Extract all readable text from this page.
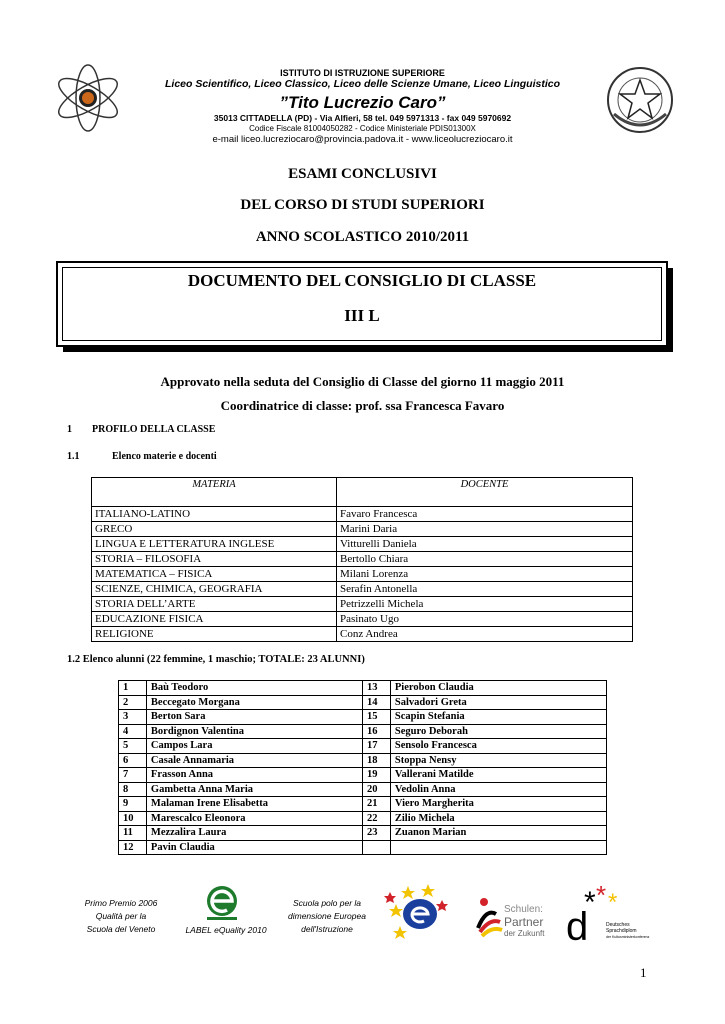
ISTITUTO DI ISTRUZIONE SUPERIORE
Liceo Scientifico, Liceo Classico, Liceo delle Scienze Umane, Liceo Linguistico
”Tito Lucrezio Caro”
35013 CITTADELLA (PD) - Via Alfieri, 58 tel. 049 5971313 - fax 049 5970692
Codice Fiscale 81004050282 - Codice Ministeriale PDIS01300X
e-mail liceo.lucreziocaro@provincia.padova.it - www.liceolucreziocaro.it
ESAMI CONCLUSIVI
DEL CORSO DI STUDI SUPERIORI
ANNO SCOLASTICO 2010/2011
DOCUMENTO DEL CONSIGLIO DI CLASSE
III L
Approvato nella seduta del Consiglio di Classe del giorno 11 maggio 2011
Coordinatrice di classe: prof. ssa Francesca Favaro
1 PROFILO DELLA CLASSE
1.1	Elenco materie e docenti
MATERIA	DOCENTE
ITALIANO-LATINO	Favaro Francesca
GRECO	Marini Daria
LINGUA E LETTERATURA INGLESE	Vitturelli Daniela
STORIA – FILOSOFIA	Bertollo Chiara
MATEMATICA – FISICA	Milani Lorenza
SCIENZE, CHIMICA, GEOGRAFIA	Serafin Antonella
STORIA DELL’ARTE	Petrizzelli Michela
EDUCAZIONE FISICA	Pasinato Ugo
RELIGIONE	Conz Andrea
1.2 Elenco alunni (22 femmine, 1 maschio; TOTALE: 23 ALUNNI)
1	Baù Teodoro	13	Pierobon Claudia
2	Beccegato Morgana	14	Salvadori Greta
3	Berton Sara	15	Scapin Stefania
4	Bordignon Valentina	16	Seguro Deborah
5	Campos Lara	17	Sensolo Francesca
6	Casale Annamaria	18	Stoppa Nensy
7	Frasson Anna	19	Vallerani Matilde
8	Gambetta Anna Maria	20	Vedolin Anna
9	Malaman Irene Elisabetta	21	Viero Margherita
10	Marescalco Eleonora	22	Zilio Michela
11	Mezzalira Laura	23	Zuanon Marian
12	Pavin Claudia		
Primo Premio 2006
Qualità per la
Scuola del Veneto	LABEL eQuality 2010
Scuola polo per la
dimensione Europea
dell'Istruzione
Schulen:
Partner
der Zukunft d
* * *
Deutsches
Sprachdiplom
der Kultusministerkonferenz
1
